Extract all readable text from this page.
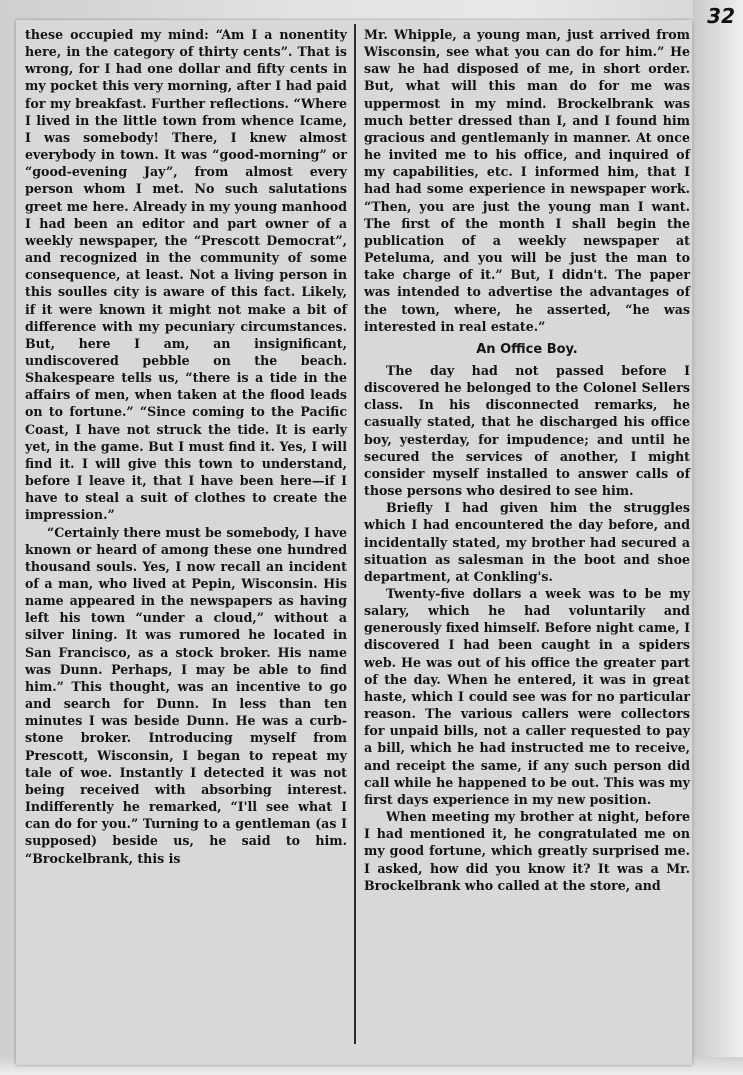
32

these occupied my mind: “Am I a nonentity here, in the category of thirty cents”. That is wrong, for I had one dollar and fifty cents in my pocket this very morning, after I had paid for my breakfast. Further reflections. “Where I lived in the little town from whence Icame, I was somebody! There, I knew almost everybody in town. It was “good-morning” or “good-evening Jay”, from almost every person whom I met. No such salutations greet me here. Already in my young manhood I had been an editor and part owner of a weekly newspaper, the “Prescott Democrat”, and recognized in the community of some consequence, at least. Not a living person in this soulles city is aware of this fact. Likely, if it were known it might not make a bit of difference with my pecuniary circumstances. But, here I am, an insignificant, undiscovered pebble on the beach. Shakespeare tells us, “there is a tide in the affairs of men, when taken at the flood leads on to fortune.” “Since coming to the Pacific Coast, I have not struck the tide. It is early yet, in the game. But I must find it. Yes, I will find it. I will give this town to understand, before I leave it, that I have been here—if I have to steal a suit of clothes to create the impression.”

“Certainly there must be somebody, I have known or heard of among these one hundred thousand souls. Yes, I now recall an incident of a man, who lived at Pepin, Wisconsin. His name appeared in the newspapers as having left his town “under a cloud,” without a silver lining. It was rumored he located in San Francisco, as a stock broker. His name was Dunn. Perhaps, I may be able to find him.” This thought, was an incentive to go and search for Dunn. In less than ten minutes I was beside Dunn. He was a curb-stone broker. Introducing myself from Prescott, Wisconsin, I began to repeat my tale of woe. Instantly I detected it was not being received with absorbing interest. Indifferently he remarked, “I'll see what I can do for you.” Turning to a gentleman (as I supposed) beside us, he said to him. “Brockelbrank, this is

Mr. Whipple, a young man, just arrived from Wisconsin, see what you can do for him.” He saw he had disposed of me, in short order. But, what will this man do for me was uppermost in my mind. Brockelbrank was much better dressed than I, and I found him gracious and gentlemanly in manner. At once he invited me to his office, and inquired of my capabilities, etc. I informed him, that I had had some experience in newspaper work. “Then, you are just the young man I want. The first of the month I shall begin the publication of a weekly newspaper at Peteluma, and you will be just the man to take charge of it.” But, I didn't. The paper was intended to advertise the advantages of the town, where, he asserted, “he was interested in real estate.”

An Office Boy.

The day had not passed before I discovered he belonged to the Colonel Sellers class. In his disconnected remarks, he casually stated, that he discharged his office boy, yesterday, for impudence; and until he secured the services of another, I might consider myself installed to answer calls of those persons who desired to see him.

Briefly I had given him the struggles which I had encountered the day before, and incidentally stated, my brother had secured a situation as salesman in the boot and shoe department, at Conkling's.

Twenty-five dollars a week was to be my salary, which he had voluntarily and generously fixed himself. Before night came, I discovered I had been caught in a spiders web. He was out of his office the greater part of the day. When he entered, it was in great haste, which I could see was for no particular reason. The various callers were collectors for unpaid bills, not a caller requested to pay a bill, which he had instructed me to receive, and receipt the same, if any such person did call while he happened to be out. This was my first days experience in my new position.

When meeting my brother at night, before I had mentioned it, he congratulated me on my good fortune, which greatly surprised me. I asked, how did you know it? It was a Mr. Brockelbrank who called at the store, and
